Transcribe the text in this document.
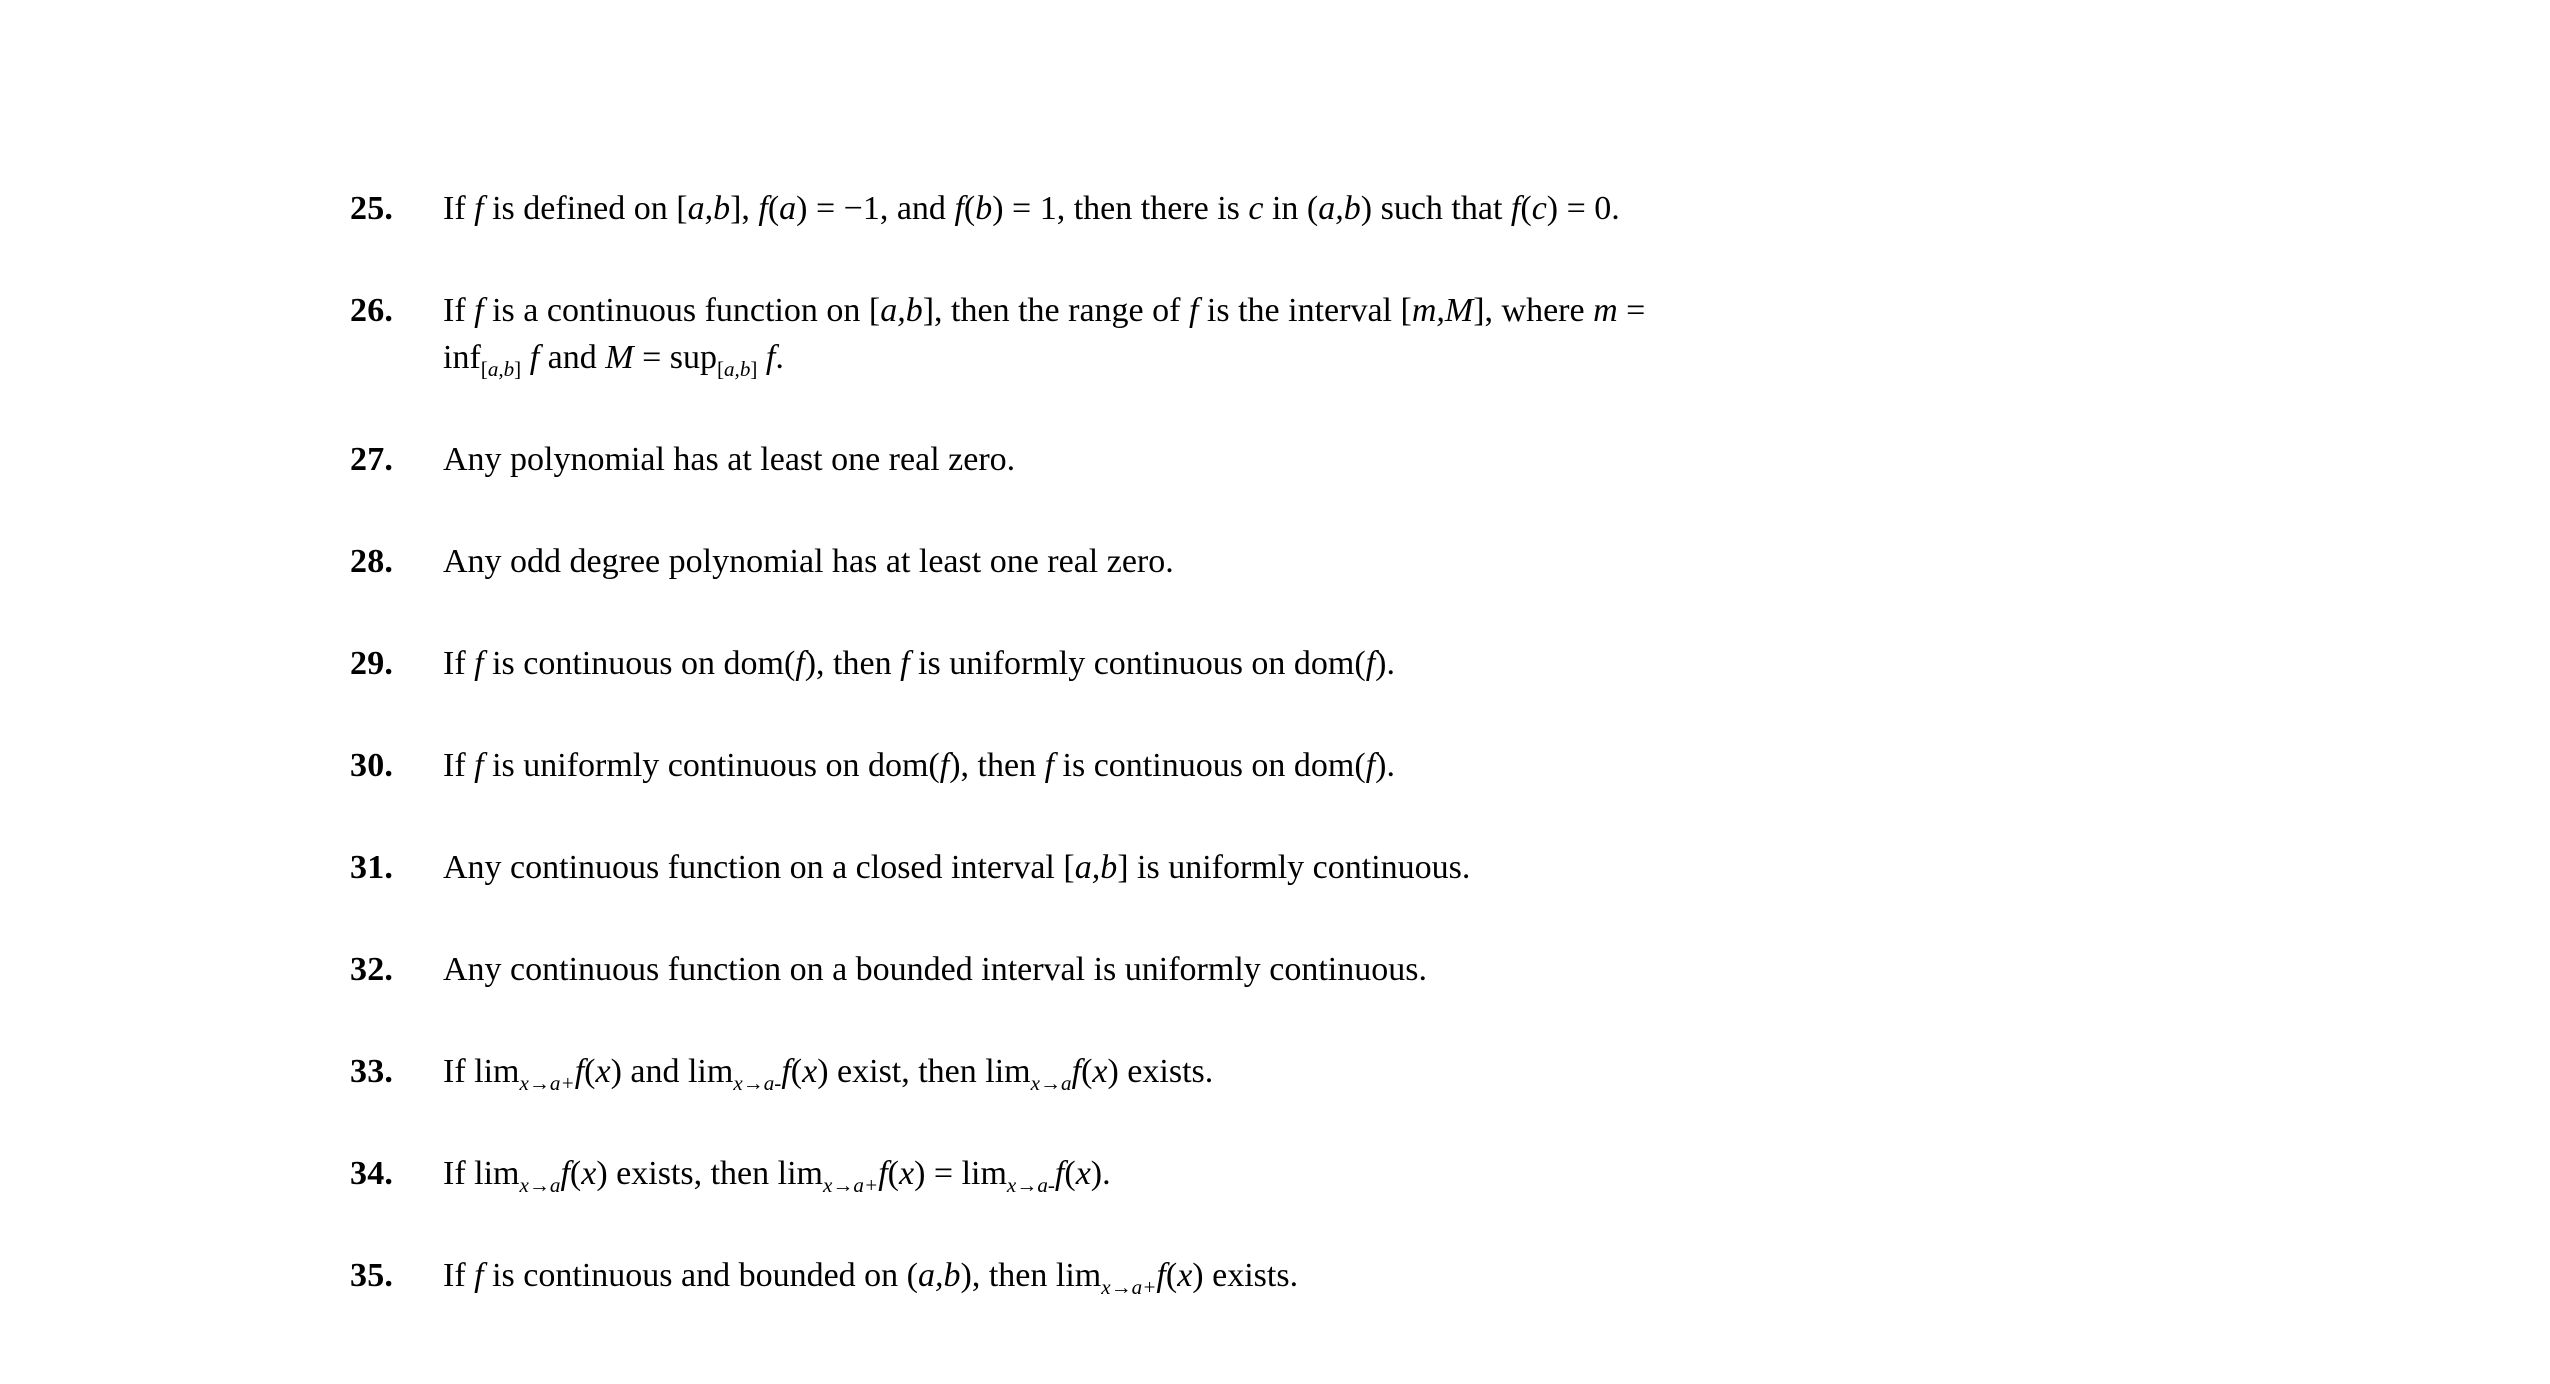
25.	If f is defined on [a,b], f(a) = −1, and f(b) = 1, then there is c in (a,b) such that f(c) = 0.
26.	If f is a continuous function on [a,b], then the range of f is the interval [m,M], where m =
inf$_{[a,b]}$ f and M = sup$_{[a,b]}$ f.
27.	Any polynomial has at least one real zero.
28.	Any odd degree polynomial has at least one real zero.
29.	If f is continuous on dom(f), then f is uniformly continuous on dom(f).
30.	If f is uniformly continuous on dom(f), then f is continuous on dom(f).
31.	Any continuous function on a closed interval [a,b] is uniformly continuous.
32.	Any continuous function on a bounded interval is uniformly continuous.
33.	If $\lim_{x\to a+}f(x)$ and $\lim_{x\to a-}f(x)$ exist, then $\lim_{x\to a}f(x)$ exists.
34.	If $\lim_{x\to a}f(x)$ exists, then $\lim_{x\to a+}f(x) = \lim_{x\to a-}f(x)$.
35.	If f is continuous and bounded on (a,b), then $\lim_{x\to a+}f(x)$ exists.
